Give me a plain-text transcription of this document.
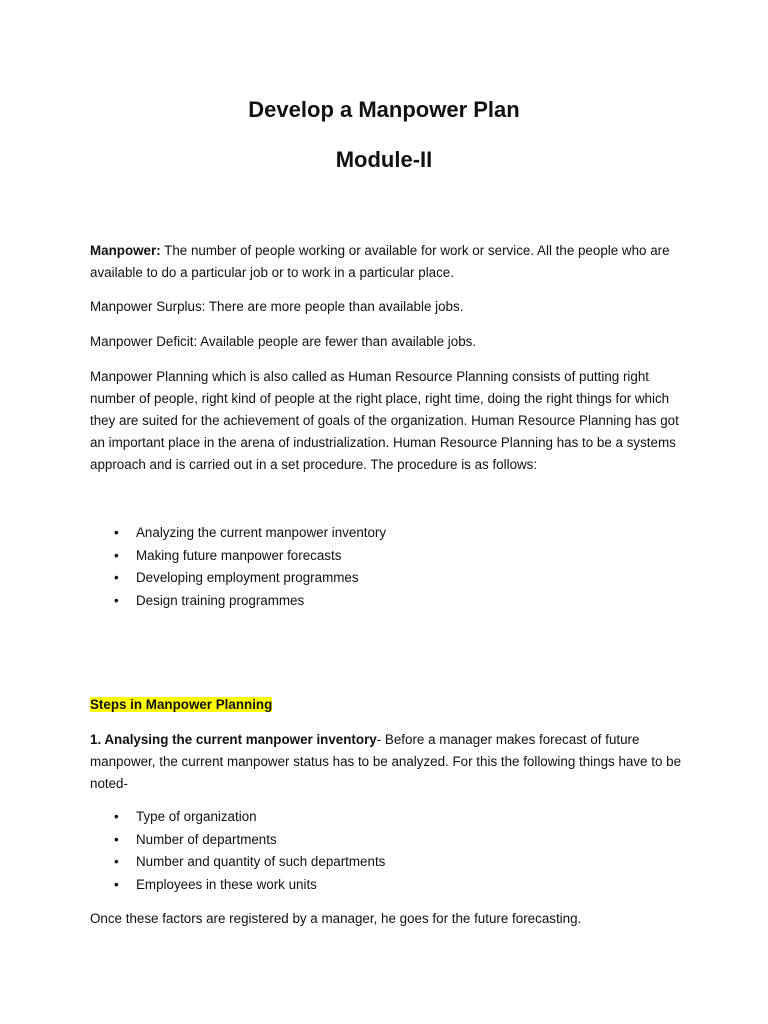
Develop a Manpower Plan
Module-II

Manpower: The number of people working or available for work or service. All the people who are available to do a particular job or to work in a particular place.

Manpower Surplus: There are more people than available jobs.

Manpower Deficit: Available people are fewer than available jobs.

Manpower Planning which is also called as Human Resource Planning consists of putting right number of people, right kind of people at the right place, right time, doing the right things for which they are suited for the achievement of goals of the organization. Human Resource Planning has got an important place in the arena of industrialization. Human Resource Planning has to be a systems approach and is carried out in a set procedure. The procedure is as follows:

•	Analyzing the current manpower inventory
•	Making future manpower forecasts
•	Developing employment programmes
•	Design training programmes

Steps in Manpower Planning

1. Analysing the current manpower inventory- Before a manager makes forecast of future manpower, the current manpower status has to be analyzed. For this the following things have to be noted-

•	Type of organization
•	Number of departments
•	Number and quantity of such departments
•	Employees in these work units

Once these factors are registered by a manager, he goes for the future forecasting.
